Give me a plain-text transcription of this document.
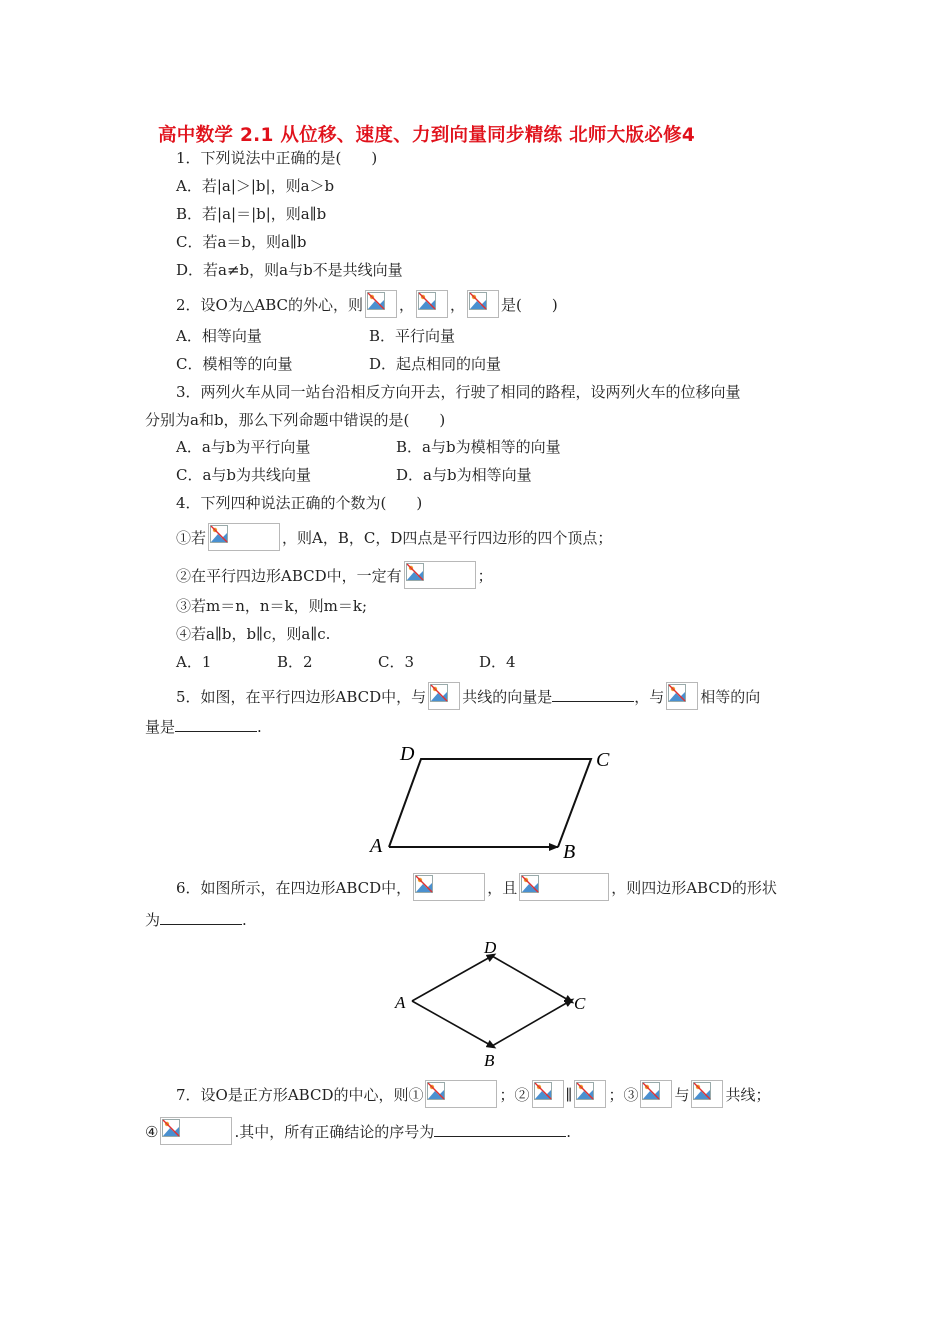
高中数学 2.1 从位移、速度、力到向量同步精练 北师大版必修4
1．下列说法中正确的是(　　)
A．若|a|＞|b|，则a＞b
B．若|a|＝|b|，则a∥b
C．若a＝b，则a∥b
D．若a≠b，则a与b不是共线向量
2．设O为△ABC的外心，则 ， ， 是(　　)
A．相等向量	B．平行向量
C．模相等的向量	D．起点相同的向量
3．两列火车从同一站台沿相反方向开去，行驶了相同的路程，设两列火车的位移向量
分别为a和b，那么下列命题中错误的是(　　)
A．a与b为平行向量	B．a与b为模相等的向量
C．a与b为共线向量	D．a与b为相等向量
4．下列四种说法正确的个数为(　　)
①若	，则A，B，C，D四点是平行四边形的四个顶点；
②在平行四边形ABCD中，一定有	；
③若m＝n，n＝k，则m＝k;
④若a∥b，b∥c，则a∥c.
A．1	B．2	C．3	D．4
5．如图，在平行四边形ABCD中，与 共线的向量是	，与 相等的向
量是	.
D	C
A	B
6．如图所示，在四边形ABCD中，	，且	，则四边形ABCD的形状
为	.
D
A	C
B
7．设O是正方形ABCD的中心，则①	；② ∥ ；③ 与 共线；
④	.其中，所有正确结论的序号为	.
